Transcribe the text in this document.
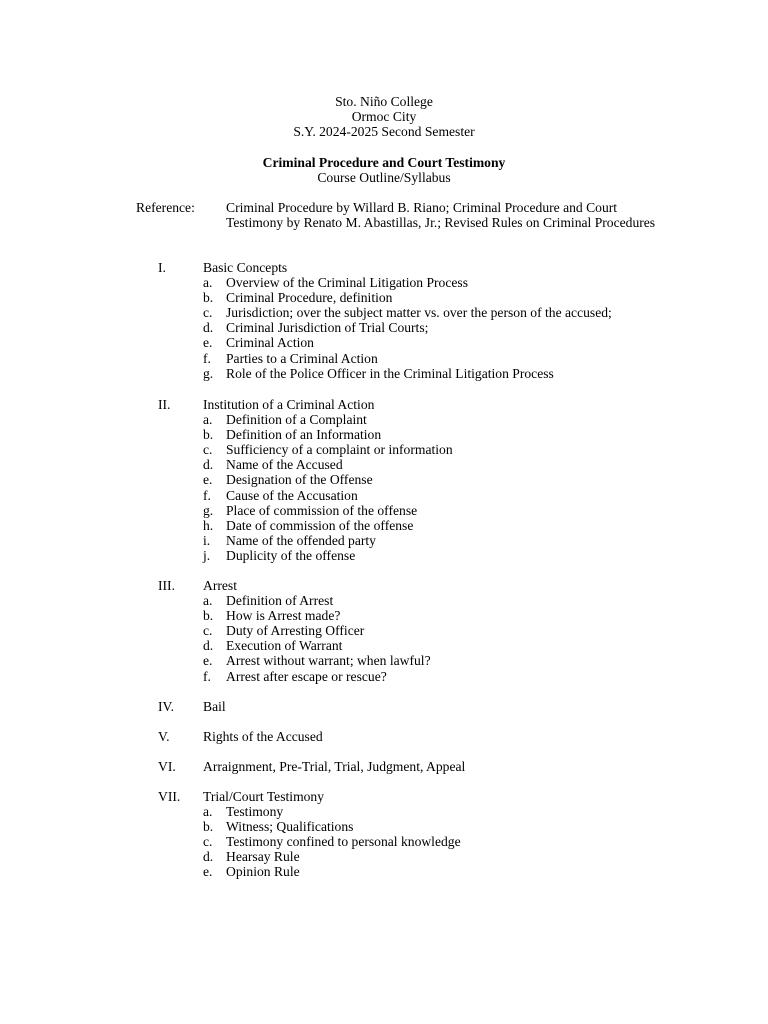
Sto. Niño College
Ormoc City
S.Y. 2024-2025 Second Semester
Criminal Procedure and Court Testimony
Course Outline/Syllabus
Reference: Criminal Procedure by Willard B. Riano; Criminal Procedure and Court Testimony by Renato M. Abastillas, Jr.; Revised Rules on Criminal Procedures
I.	Basic Concepts
a. Overview of the Criminal Litigation Process
b. Criminal Procedure, definition
c. Jurisdiction; over the subject matter vs. over the person of the accused;
d. Criminal Jurisdiction of Trial Courts;
e. Criminal Action
f. Parties to a Criminal Action
g. Role of the Police Officer in the Criminal Litigation Process
II. Institution of a Criminal Action
a. Definition of a Complaint
b. Definition of an Information
c. Sufficiency of a complaint or information
d. Name of the Accused
e. Designation of the Offense
f. Cause of the Accusation
g. Place of commission of the offense
h. Date of commission of the offense
i. Name of the offended party
j. Duplicity of the offense
III. Arrest
a. Definition of Arrest
b. How is Arrest made?
c. Duty of Arresting Officer
d. Execution of Warrant
e. Arrest without warrant; when lawful?
f. Arrest after escape or rescue?
IV. Bail
V. Rights of the Accused
VI. Arraignment, Pre-Trial, Trial, Judgment, Appeal
VII. Trial/Court Testimony
a. Testimony
b. Witness; Qualifications
c. Testimony confined to personal knowledge
d. Hearsay Rule
e. Opinion Rule
